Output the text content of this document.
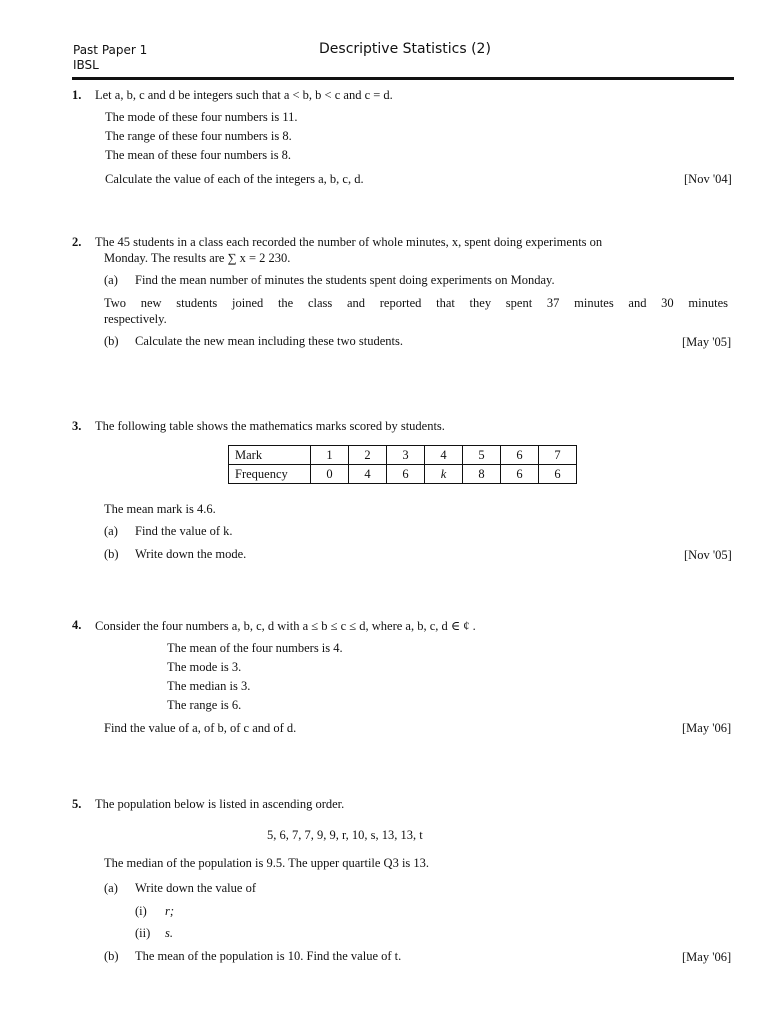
Past Paper 1
IBSL
Descriptive Statistics (2)
1. Let a, b, c and d be integers such that a < b, b < c and c = d.
The mode of these four numbers is 11.
The range of these four numbers is 8.
The mean of these four numbers is 8.
Calculate the value of each of the integers a, b, c, d.	[Nov '04]
2. The 45 students in a class each recorded the number of whole minutes, x, spent doing experiments on
Monday. The results are ∑ x = 2 230.
(a) Find the mean number of minutes the students spent doing experiments on Monday.
Two new students joined the class and reported that they spent 37 minutes and 30 minutes
respectively.
(b) Calculate the new mean including these two students.	[May '05]
3. The following table shows the mathematics marks scored by students.
Mark	1	2	3	4	5	6	7
Frequency	0	4	6	k	8	6	6
The mean mark is 4.6.
(a) Find the value of k.
(b) Write down the mode.	[Nov '05]
4. Consider the four numbers a, b, c, d with a ≤ b ≤ c ≤ d, where a, b, c, d ∈ ¢ .
The mean of the four numbers is 4.
The mode is 3.
The median is 3.
The range is 6.
Find the value of a, of b, of c and of d.	[May '06]
5. The population below is listed in ascending order.
5, 6, 7, 7, 9, 9, r, 10, s, 13, 13, t
The median of the population is 9.5. The upper quartile Q3 is 13.
(a) Write down the value of
(i) r;
(ii) s.
(b) The mean of the population is 10. Find the value of t.	[May '06]
